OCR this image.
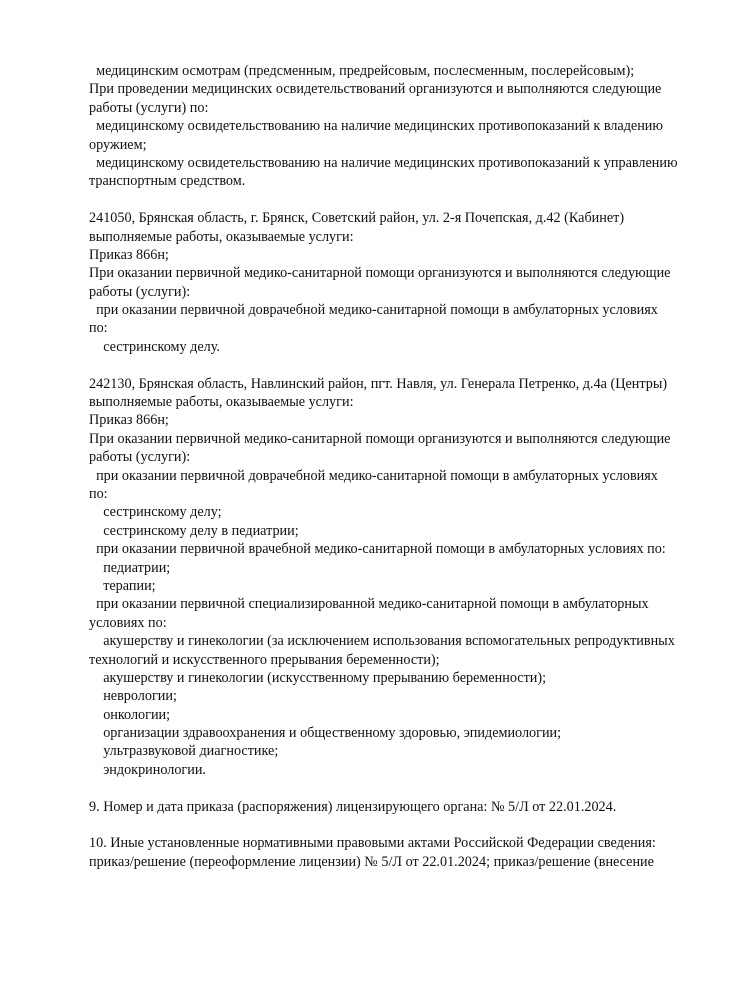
медицинским осмотрам (предсменным, предрейсовым, послесменным, послерейсовым);
При проведении медицинских освидетельствований организуются и выполняются следующие
работы (услуги) по:
медицинскому освидетельствованию на наличие медицинских противопоказаний к владению
оружием;
медицинскому освидетельствованию на наличие медицинских противопоказаний к управлению
транспортным средством.
241050, Брянская область, г. Брянск, Советский район, ул. 2-я Почепская, д.42 (Кабинет)
выполняемые работы, оказываемые услуги:
Приказ 866н;
При оказании первичной медико-санитарной помощи организуются и выполняются следующие
работы (услуги):
при оказании первичной доврачебной медико-санитарной помощи в амбулаторных условиях
по:
сестринскому делу.
242130, Брянская область, Навлинский район, пгт. Навля, ул. Генерала Петренко, д.4а (Центры)
выполняемые работы, оказываемые услуги:
Приказ 866н;
При оказании первичной медико-санитарной помощи организуются и выполняются следующие
работы (услуги):
при оказании первичной доврачебной медико-санитарной помощи в амбулаторных условиях
по:
сестринскому делу;
сестринскому делу в педиатрии;
при оказании первичной врачебной медико-санитарной помощи в амбулаторных условиях по:
педиатрии;
терапии;
при оказании первичной специализированной медико-санитарной помощи в амбулаторных
условиях по:
акушерству и гинекологии (за исключением использования вспомогательных репродуктивных
технологий и искусственного прерывания беременности);
акушерству и гинекологии (искусственному прерыванию беременности);
неврологии;
онкологии;
организации здравоохранения и общественному здоровью, эпидемиологии;
ультразвуковой диагностике;
эндокринологии.
9. Номер и дата приказа (распоряжения) лицензирующего органа: № 5/Л от 22.01.2024.
10. Иные установленные нормативными правовыми актами Российской Федерации сведения:
приказ/решение (переоформление лицензии) № 5/Л от 22.01.2024; приказ/решение (внесение
